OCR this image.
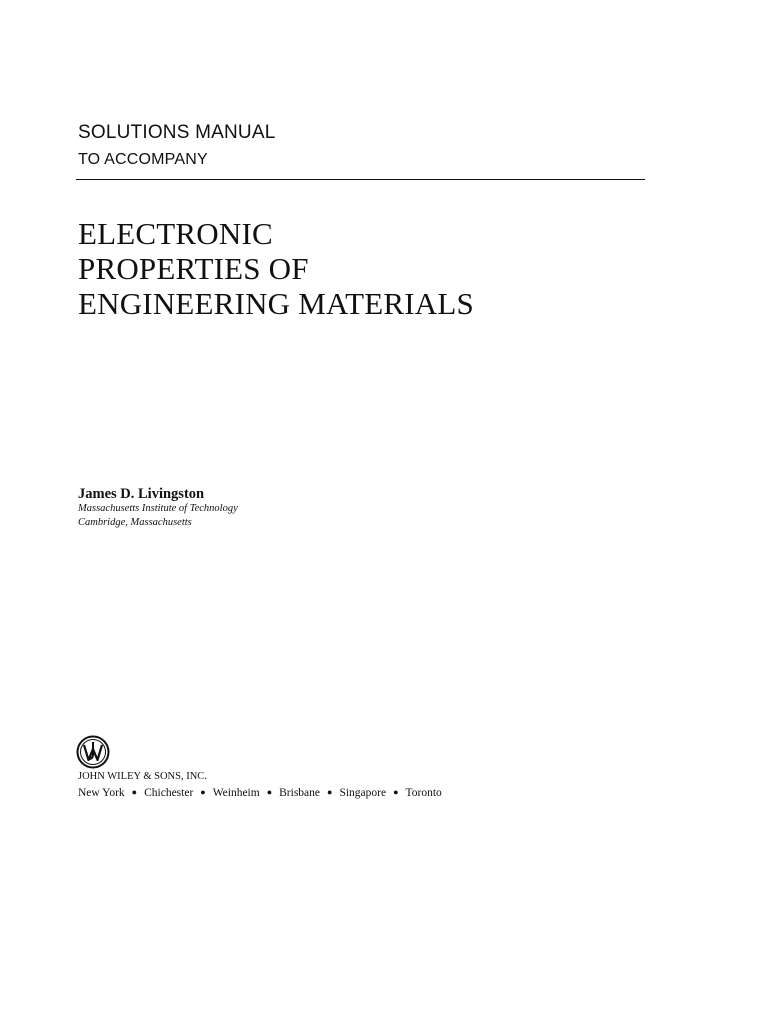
SOLUTIONS MANUAL
TO ACCOMPANY
ELECTRONIC
PROPERTIES OF
ENGINEERING MATERIALS
James D. Livingston
Massachusetts Institute of Technology
Cambridge, Massachusetts
JOHN WILEY & SONS, INC.
New York ● Chichester ● Weinheim ● Brisbane ● Singapore ● Toronto
